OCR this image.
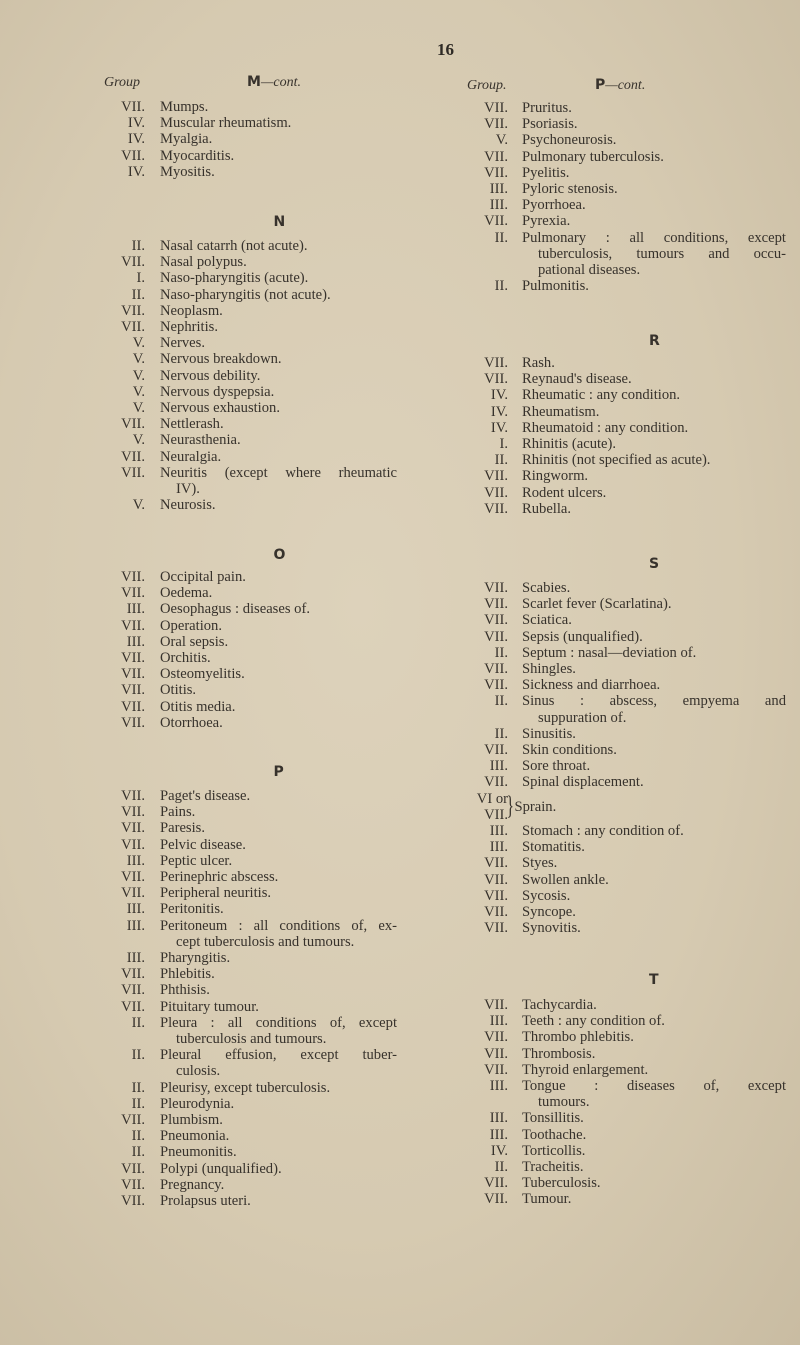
16
Group	M—cont.
VII. Mumps.
IV. Muscular rheumatism.
IV. Myalgia.
VII. Myocarditis.
IV. Myositis.
N
II. Nasal catarrh (not acute).
VII. Nasal polypus.
I. Naso-pharyngitis (acute).
II. Naso-pharyngitis (not acute).
VII. Neoplasm.
VII. Nephritis.
V. Nerves.
V. Nervous breakdown.
V. Nervous debility.
V. Nervous dyspepsia.
V. Nervous exhaustion.
VII. Nettlerash.
V. Neurasthenia.
VII. Neuralgia.
VII. Neuritis (except where rheumatic
IV).
V. Neurosis.
O
VII. Occipital pain.
VII. Oedema.
III. Oesophagus : diseases of.
VII. Operation.
III. Oral sepsis.
VII. Orchitis.
VII. Osteomyelitis.
VII. Otitis.
VII. Otitis media.
VII. Otorrhoea.
P
VII. Paget's disease.
VII. Pains.
VII. Paresis.
VII. Pelvic disease.
III. Peptic ulcer.
VII. Perinephric abscess.
VII. Peripheral neuritis.
III. Peritonitis.
III. Peritoneum : all conditions of, ex-
cept tuberculosis and tumours.
III. Pharyngitis.
VII. Phlebitis.
VII. Phthisis.
VII. Pituitary tumour.
II. Pleura : all conditions of, except
tuberculosis and tumours.
II. Pleural effusion, except tuber-
culosis.
II. Pleurisy, except tuberculosis.
II. Pleurodynia.
VII. Plumbism.
II. Pneumonia.
II. Pneumonitis.
VII. Polypi (unqualified).
VII. Pregnancy.
VII. Prolapsus uteri.
Group.	P—cont.
VII. Pruritus.
VII. Psoriasis.
V. Psychoneurosis.
VII. Pulmonary tuberculosis.
VII. Pyelitis.
III. Pyloric stenosis.
III. Pyorrhoea.
VII. Pyrexia.
II. Pulmonary : all conditions, except
tuberculosis, tumours and occu-
pational diseases.
II. Pulmonitis.
R
VII. Rash.
VII. Reynaud's disease.
IV. Rheumatic : any condition.
IV. Rheumatism.
IV. Rheumatoid : any condition.
I. Rhinitis (acute).
II. Rhinitis (not specified as acute).
VII. Ringworm.
VII. Rodent ulcers.
VII. Rubella.
S
VII. Scabies.
VII. Scarlet fever (Scarlatina).
VII. Sciatica.
VII. Sepsis (unqualified).
II. Septum : nasal—deviation of.
VII. Shingles.
VII. Sickness and diarrhoea.
II. Sinus : abscess, empyema and
suppuration of.
II. Sinusitis.
VII. Skin conditions.
III. Sore throat.
VII. Spinal displacement.
VI or
VII.
} Sprain.
III. Stomach : any condition of.
III. Stomatitis.
VII. Styes.
VII. Swollen ankle.
VII. Sycosis.
VII. Syncope.
VII. Synovitis.
T
VII. Tachycardia.
III. Teeth : any condition of.
VII. Thrombo phlebitis.
VII. Thrombosis.
VII. Thyroid enlargement.
III. Tongue : diseases of, except
tumours.
III. Tonsillitis.
III. Toothache.
IV. Torticollis.
II. Tracheitis.
VII. Tuberculosis.
VII. Tumour.
